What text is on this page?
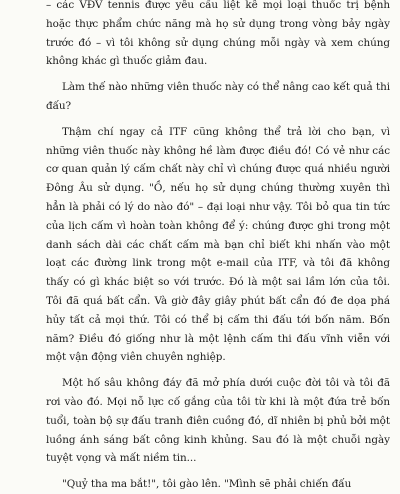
– các VĐV tennis được yêu cầu liệt kê mọi loại thuốc trị bệnh hoặc thực phẩm chức năng mà họ sử dụng trong vòng bảy ngày trước đó – vì tôi không sử dụng chúng mỗi ngày và xem chúng không khác gì thuốc giảm đau.

Làm thế nào những viên thuốc này có thể nâng cao kết quả thi đấu?

Thậm chí ngay cả ITF cũng không thể trả lời cho bạn, vì những viên thuốc này không hề làm được điều đó! Có vẻ như các cơ quan quản lý cấm chất này chỉ vì chúng được quá nhiều người Đông Âu sử dụng. "Ồ, nếu họ sử dụng chúng thường xuyên thì hẳn là phải có lý do nào đó" – đại loại như vậy. Tôi bỏ qua tin tức của lịch cấm vì hoàn toàn không để ý: chúng được ghi trong một danh sách dài các chất cấm mà bạn chỉ biết khi nhấn vào một loạt các đường link trong một e-mail của ITF, và tôi đã không thấy có gì khác biệt so với trước. Đó là một sai lầm lớn của tôi. Tôi đã quá bất cẩn. Và giờ đây giây phút bất cẩn đó đe dọa phá hủy tất cả mọi thứ. Tôi có thể bị cấm thi đấu tới bốn năm. Bốn năm? Điều đó giống như là một lệnh cấm thi đấu vĩnh viễn với một vận động viên chuyên nghiệp.

Một hố sâu không đáy đã mở phía dưới cuộc đời tôi và tôi đã rơi vào đó. Mọi nỗ lực cố gắng của tôi từ khi là một đứa trẻ bốn tuổi, toàn bộ sự đấu tranh điên cuồng đó, dĩ nhiên bị phủ bởi một luồng ánh sáng bất công kinh khủng. Sau đó là một chuỗi ngày tuyệt vọng và mất niềm tin...

"Quỷ tha ma bắt!", tôi gào lên. "Mình sẽ phải chiến đấu
